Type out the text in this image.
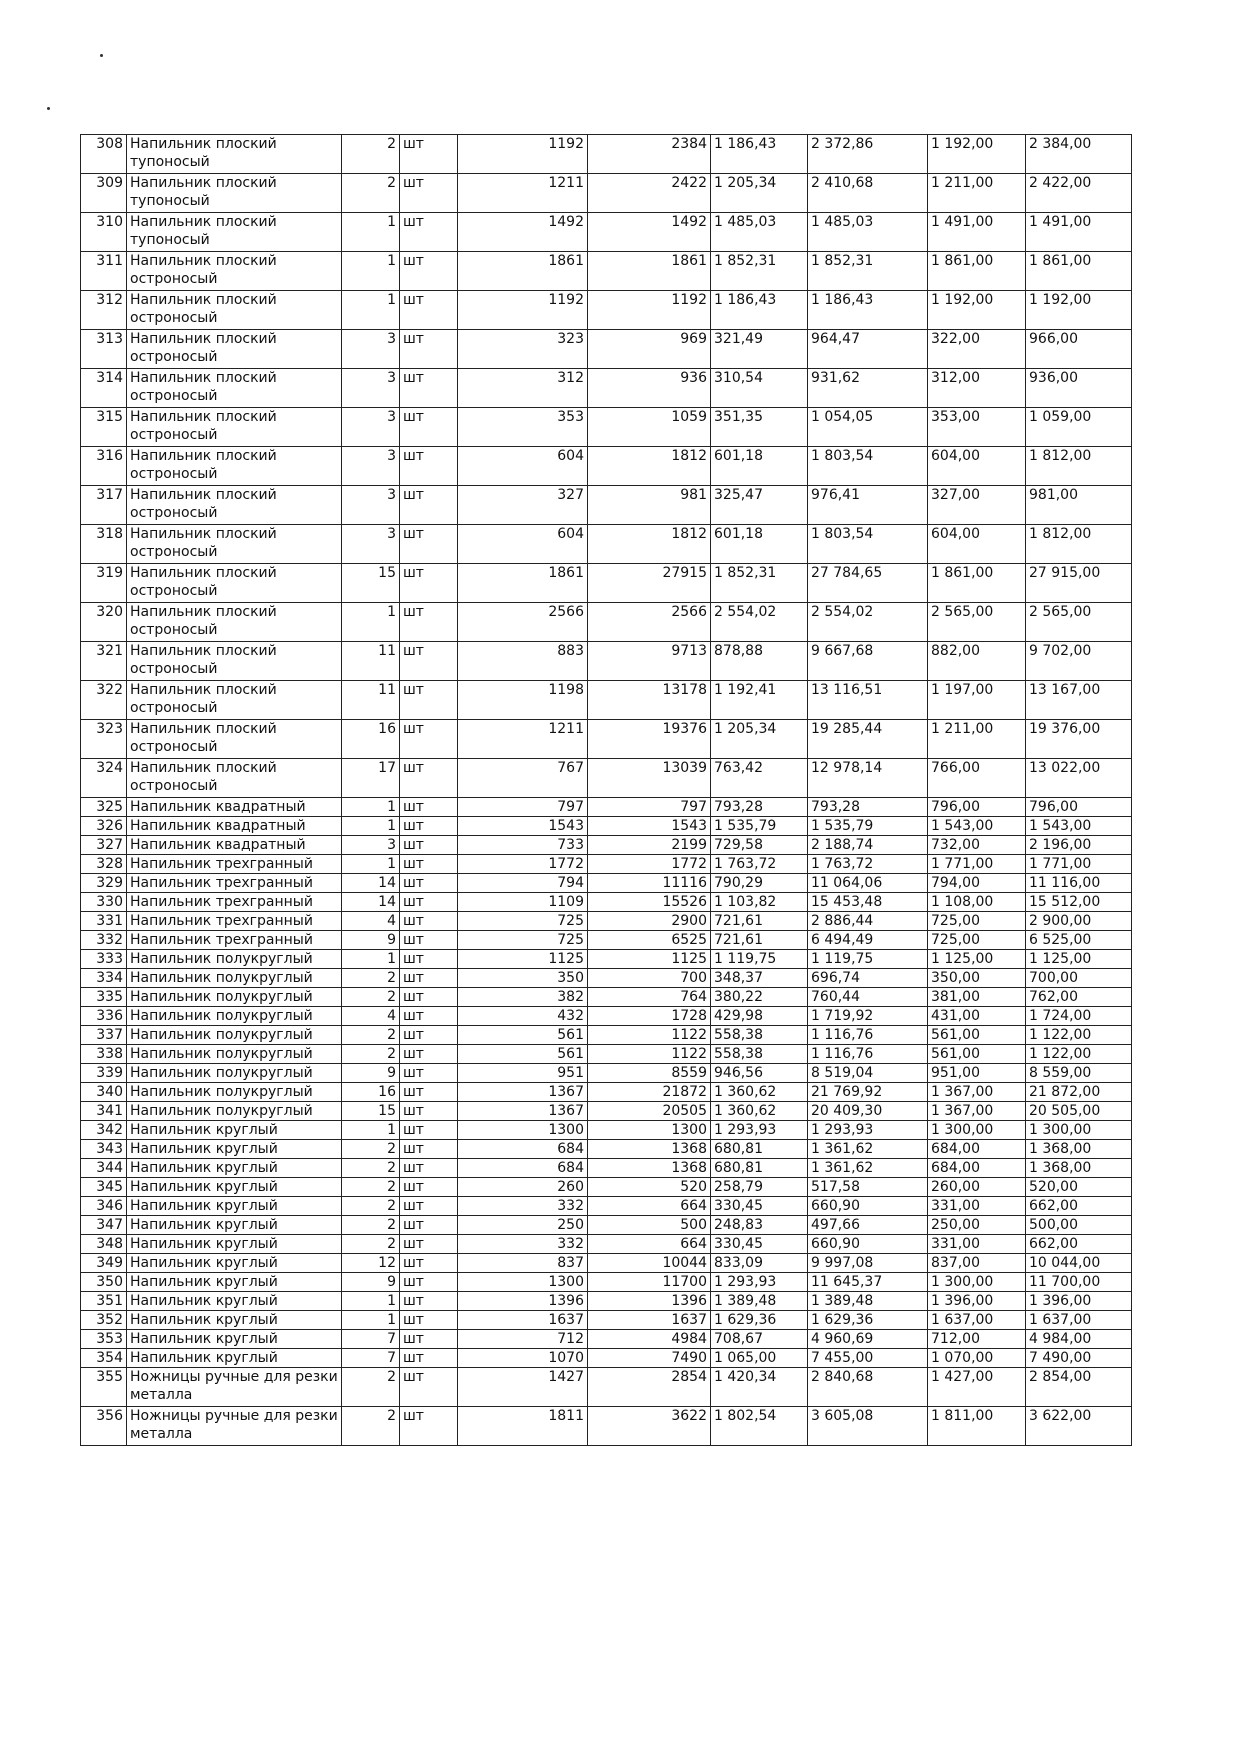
308	Напильник плоский тупоносый	2	шт	1192	2384	1 186,43	2 372,86	1 192,00	2 384,00
309	Напильник плоский тупоносый	2	шт	1211	2422	1 205,34	2 410,68	1 211,00	2 422,00
310	Напильник плоский тупоносый	1	шт	1492	1492	1 485,03	1 485,03	1 491,00	1 491,00
311	Напильник плоский остроносый	1	шт	1861	1861	1 852,31	1 852,31	1 861,00	1 861,00
312	Напильник плоский остроносый	1	шт	1192	1192	1 186,43	1 186,43	1 192,00	1 192,00
313	Напильник плоский остроносый	3	шт	323	969	321,49	964,47	322,00	966,00
314	Напильник плоский остроносый	3	шт	312	936	310,54	931,62	312,00	936,00
315	Напильник плоский остроносый	3	шт	353	1059	351,35	1 054,05	353,00	1 059,00
316	Напильник плоский остроносый	3	шт	604	1812	601,18	1 803,54	604,00	1 812,00
317	Напильник плоский остроносый	3	шт	327	981	325,47	976,41	327,00	981,00
318	Напильник плоский остроносый	3	шт	604	1812	601,18	1 803,54	604,00	1 812,00
319	Напильник плоский остроносый	15	шт	1861	27915	1 852,31	27 784,65	1 861,00	27 915,00
320	Напильник плоский остроносый	1	шт	2566	2566	2 554,02	2 554,02	2 565,00	2 565,00
321	Напильник плоский остроносый	11	шт	883	9713	878,88	9 667,68	882,00	9 702,00
322	Напильник плоский остроносый	11	шт	1198	13178	1 192,41	13 116,51	1 197,00	13 167,00
323	Напильник плоский остроносый	16	шт	1211	19376	1 205,34	19 285,44	1 211,00	19 376,00
324	Напильник плоский остроносый	17	шт	767	13039	763,42	12 978,14	766,00	13 022,00
325	Напильник квадратный	1	шт	797	797	793,28	793,28	796,00	796,00
326	Напильник квадратный	1	шт	1543	1543	1 535,79	1 535,79	1 543,00	1 543,00
327	Напильник квадратный	3	шт	733	2199	729,58	2 188,74	732,00	2 196,00
328	Напильник трехгранный	1	шт	1772	1772	1 763,72	1 763,72	1 771,00	1 771,00
329	Напильник трехгранный	14	шт	794	11116	790,29	11 064,06	794,00	11 116,00
330	Напильник трехгранный	14	шт	1109	15526	1 103,82	15 453,48	1 108,00	15 512,00
331	Напильник трехгранный	4	шт	725	2900	721,61	2 886,44	725,00	2 900,00
332	Напильник трехгранный	9	шт	725	6525	721,61	6 494,49	725,00	6 525,00
333	Напильник полукруглый	1	шт	1125	1125	1 119,75	1 119,75	1 125,00	1 125,00
334	Напильник полукруглый	2	шт	350	700	348,37	696,74	350,00	700,00
335	Напильник полукруглый	2	шт	382	764	380,22	760,44	381,00	762,00
336	Напильник полукруглый	4	шт	432	1728	429,98	1 719,92	431,00	1 724,00
337	Напильник полукруглый	2	шт	561	1122	558,38	1 116,76	561,00	1 122,00
338	Напильник полукруглый	2	шт	561	1122	558,38	1 116,76	561,00	1 122,00
339	Напильник полукруглый	9	шт	951	8559	946,56	8 519,04	951,00	8 559,00
340	Напильник полукруглый	16	шт	1367	21872	1 360,62	21 769,92	1 367,00	21 872,00
341	Напильник полукруглый	15	шт	1367	20505	1 360,62	20 409,30	1 367,00	20 505,00
342	Напильник круглый	1	шт	1300	1300	1 293,93	1 293,93	1 300,00	1 300,00
343	Напильник круглый	2	шт	684	1368	680,81	1 361,62	684,00	1 368,00
344	Напильник круглый	2	шт	684	1368	680,81	1 361,62	684,00	1 368,00
345	Напильник круглый	2	шт	260	520	258,79	517,58	260,00	520,00
346	Напильник круглый	2	шт	332	664	330,45	660,90	331,00	662,00
347	Напильник круглый	2	шт	250	500	248,83	497,66	250,00	500,00
348	Напильник круглый	2	шт	332	664	330,45	660,90	331,00	662,00
349	Напильник круглый	12	шт	837	10044	833,09	9 997,08	837,00	10 044,00
350	Напильник круглый	9	шт	1300	11700	1 293,93	11 645,37	1 300,00	11 700,00
351	Напильник круглый	1	шт	1396	1396	1 389,48	1 389,48	1 396,00	1 396,00
352	Напильник круглый	1	шт	1637	1637	1 629,36	1 629,36	1 637,00	1 637,00
353	Напильник круглый	7	шт	712	4984	708,67	4 960,69	712,00	4 984,00
354	Напильник круглый	7	шт	1070	7490	1 065,00	7 455,00	1 070,00	7 490,00
355	Ножницы ручные для резки металла	2	шт	1427	2854	1 420,34	2 840,68	1 427,00	2 854,00
356	Ножницы ручные для резки металла	2	шт	1811	3622	1 802,54	3 605,08	1 811,00	3 622,00
